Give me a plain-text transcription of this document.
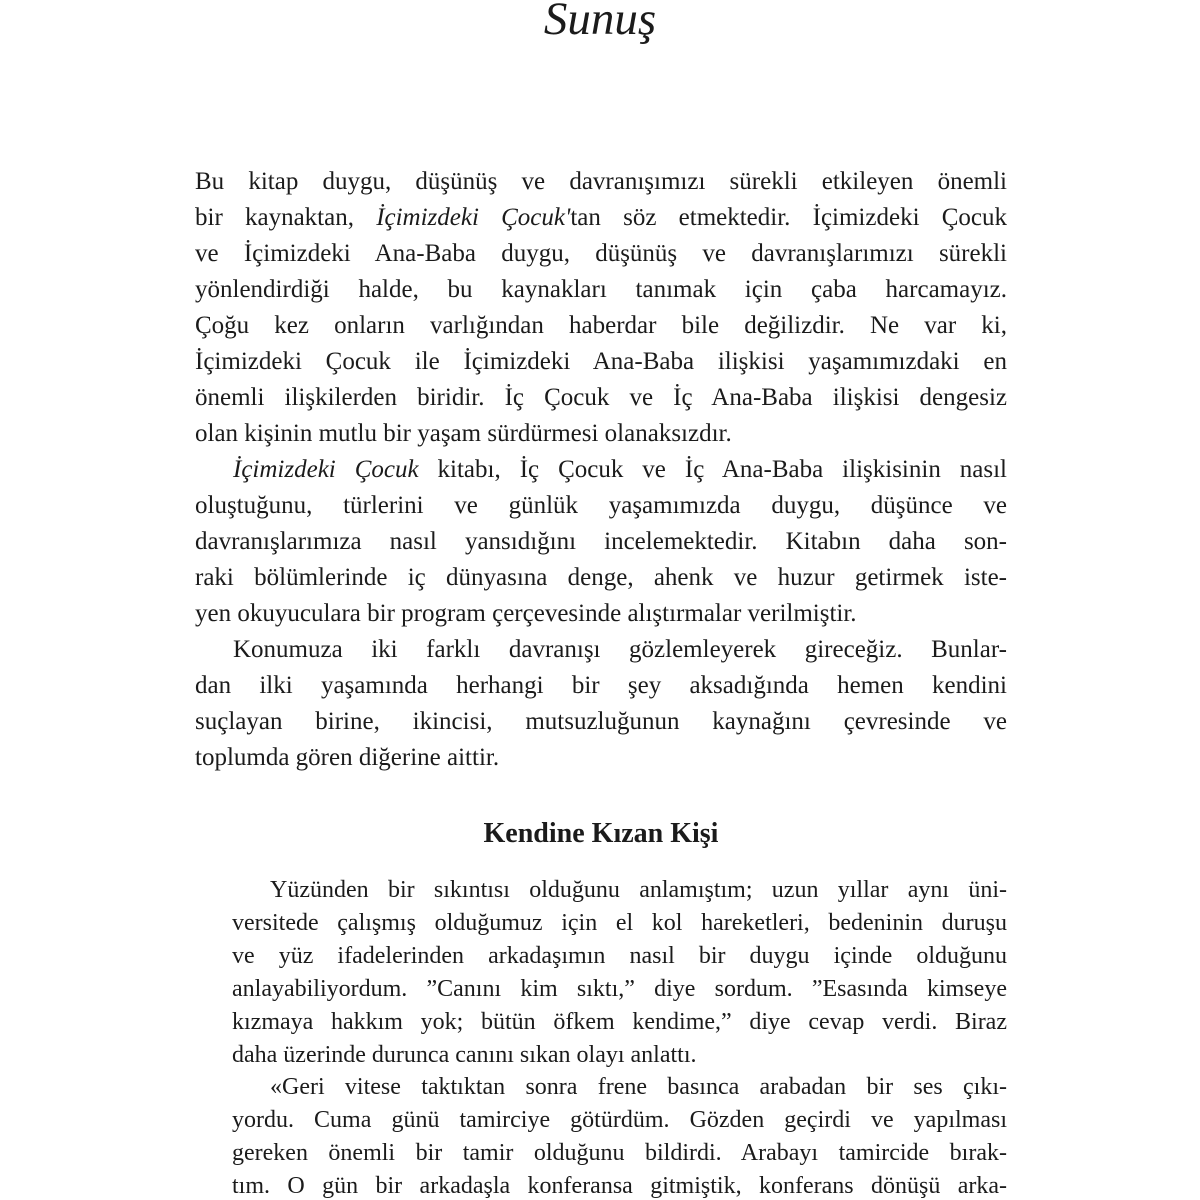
Sunuş
Bu kitap duygu, düşünüş ve davranışımızı sürekli etkileyen önemli
bir kaynaktan, İçimizdeki Çocuk'tan söz etmektedir. İçimizdeki Çocuk
ve İçimizdeki Ana-Baba duygu, düşünüş ve davranışlarımızı sürekli
yönlendirdiği halde, bu kaynakları tanımak için çaba harcamayız.
Çoğu kez onların varlığından haberdar bile değilizdir. Ne var ki,
İçimizdeki Çocuk ile İçimizdeki Ana-Baba ilişkisi yaşamımızdaki en
önemli ilişkilerden biridir. İç Çocuk ve İç Ana-Baba ilişkisi dengesiz
olan kişinin mutlu bir yaşam sürdürmesi olanaksızdır.
İçimizdeki Çocuk kitabı, İç Çocuk ve İç Ana-Baba ilişkisinin nasıl
oluştuğunu, türlerini ve günlük yaşamımızda duygu, düşünce ve
davranışlarımıza nasıl yansıdığını incelemektedir. Kitabın daha son-
raki bölümlerinde iç dünyasına denge, ahenk ve huzur getirmek iste-
yen okuyuculara bir program çerçevesinde alıştırmalar verilmiştir.
Konumuza iki farklı davranışı gözlemleyerek gireceğiz. Bunlar-
dan ilki yaşamında herhangi bir şey aksadığında hemen kendini
suçlayan birine, ikincisi, mutsuzluğunun kaynağını çevresinde ve
toplumda gören diğerine aittir.
Kendine Kızan Kişi
Yüzünden bir sıkıntısı olduğunu anlamıştım; uzun yıllar aynı üni-
versitede çalışmış olduğumuz için el kol hareketleri, bedeninin duruşu
ve yüz ifadelerinden arkadaşımın nasıl bir duygu içinde olduğunu
anlayabiliyordum. ”Canını kim sıktı,” diye sordum. ”Esasında kimseye
kızmaya hakkım yok; bütün öfkem kendime,” diye cevap verdi. Biraz
daha üzerinde durunca canını sıkan olayı anlattı.
«Geri vitese taktıktan sonra frene basınca arabadan bir ses çıkı-
yordu. Cuma günü tamirciye götürdüm. Gözden geçirdi ve yapılması
gereken önemli bir tamir olduğunu bildirdi. Arabayı tamircide bırak-
tım. O gün bir arkadaşla konferansa gitmiştik, konferans dönüşü arka-
